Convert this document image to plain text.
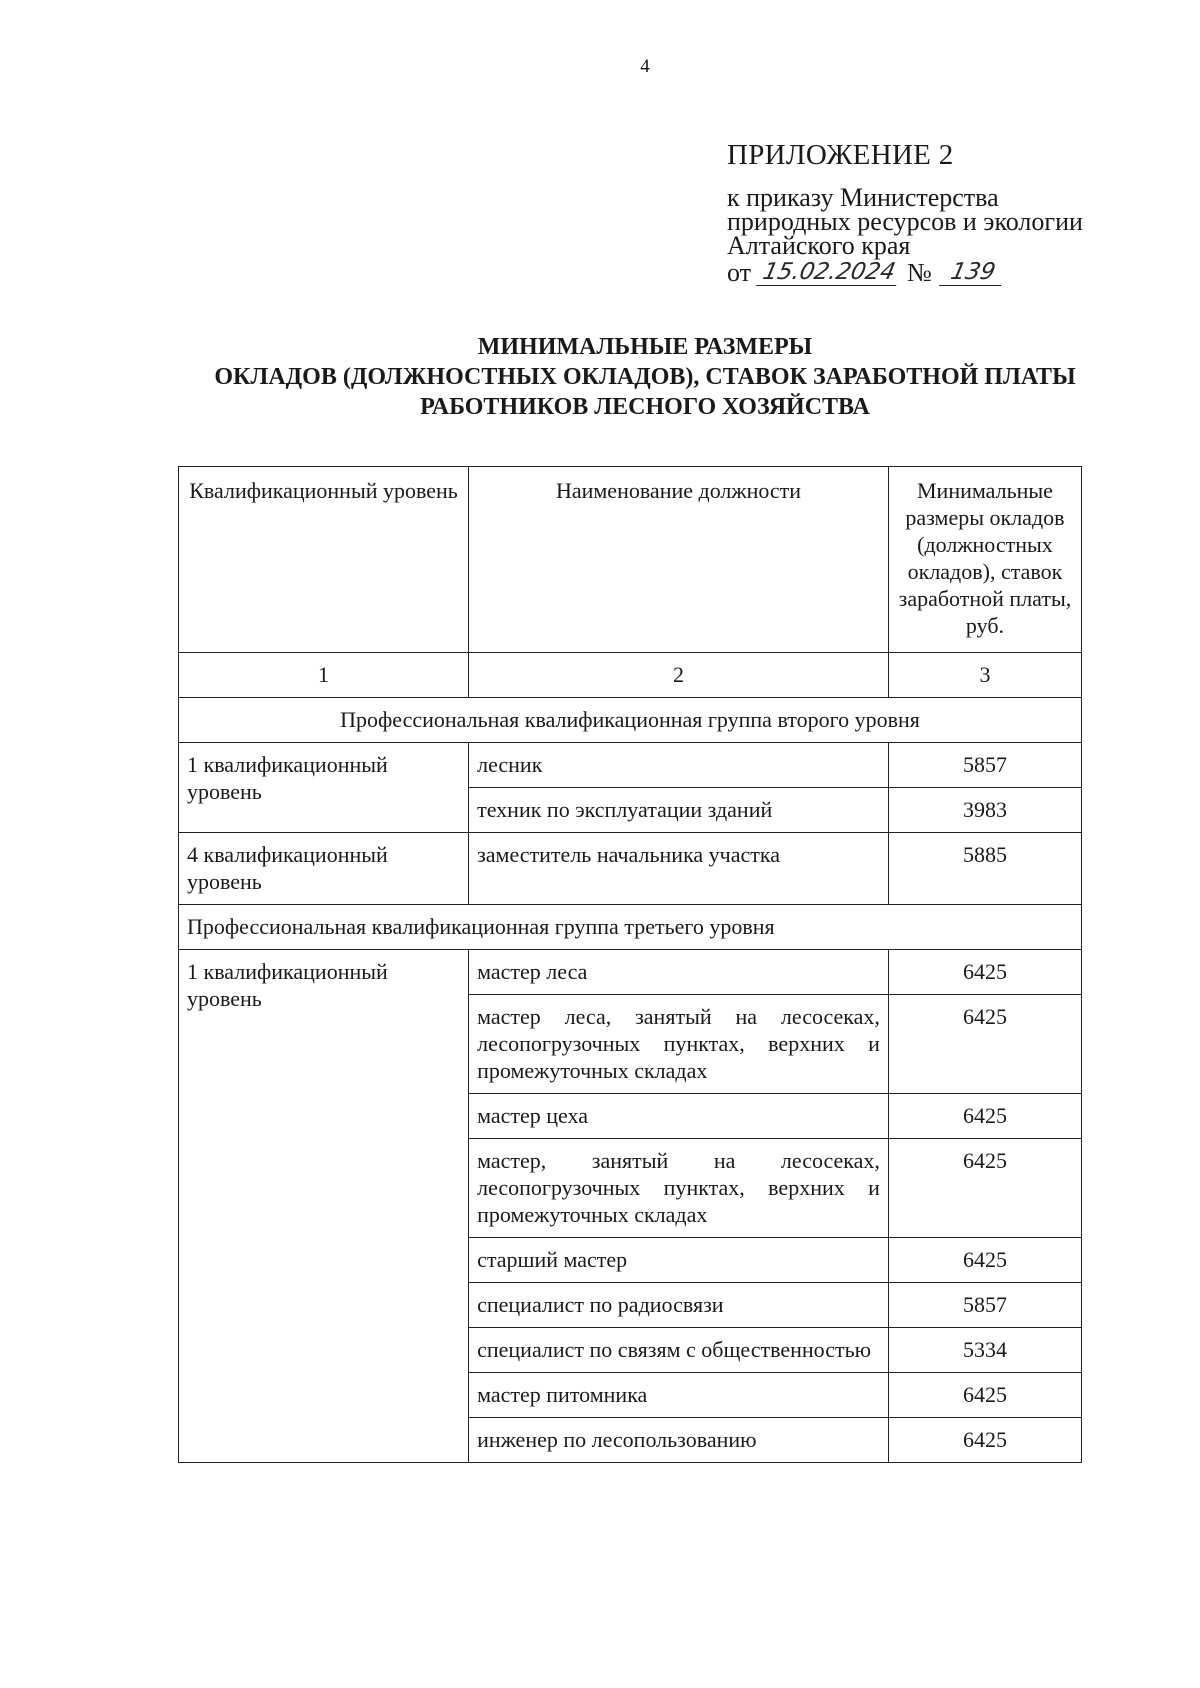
4
ПРИЛОЖЕНИЕ 2
к приказу Министерства
природных ресурсов и экологии
Алтайского края
от 15.02.2024 № 139
МИНИМАЛЬНЫЕ РАЗМЕРЫ
ОКЛАДОВ (ДОЛЖНОСТНЫХ ОКЛАДОВ), СТАВОК ЗАРАБОТНОЙ ПЛАТЫ
РАБОТНИКОВ ЛЕСНОГО ХОЗЯЙСТВА
Квалификационный уровень	Наименование должности	Минимальные размеры окладов (должностных окладов), ставок заработной платы, руб.
1	2	3
Профессиональная квалификационная группа второго уровня		
1 квалификационный уровень	лесник	5857
	техник по эксплуатации зданий	3983
4 квалификационный уровень	заместитель начальника участка	5885
Профессиональная квалификационная группа третьего уровня		
1 квалификационный уровень	мастер леса	6425
	мастер леса, занятый на лесосеках, лесопогрузочных пунктах, верхних и промежуточных складах	6425
	мастер цеха	6425
	мастер, занятый на лесосеках, лесопогрузочных пунктах, верхних и промежуточных складах	6425
	старший мастер	6425
	специалист по радиосвязи	5857
	специалист по связям с общественностью	5334
	мастер питомника	6425
	инженер по лесопользованию	6425
